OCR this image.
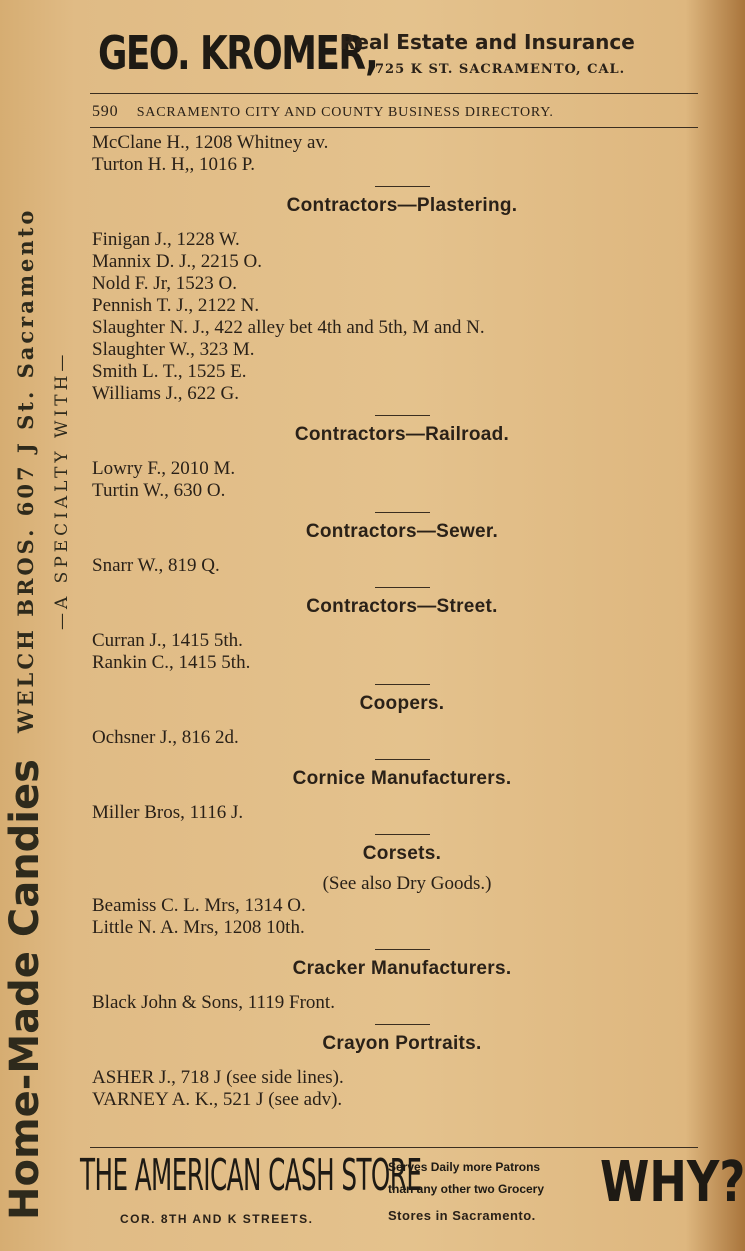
Home-Made Candies
WELCH BROS. 607 J St. Sacramento —A SPECIALTY WITH—
GEO. KROMER,
Real Estate and Insurance
725 K ST. SACRAMENTO, CAL.
590 SACRAMENTO CITY AND COUNTY BUSINESS DIRECTORY.
McClane H., 1208 Whitney av.
Turton H. H,, 1016 P.
Contractors—Plastering.
Finigan J., 1228 W.
Mannix D. J., 2215 O.
Nold F. Jr, 1523 O.
Pennish T. J., 2122 N.
Slaughter N. J., 422 alley bet 4th and 5th, M and N.
Slaughter W., 323 M.
Smith L. T., 1525 E.
Williams J., 622 G.
Contractors—Railroad.
Lowry F., 2010 M.
Turtin W., 630 O.
Contractors—Sewer.
Snarr W., 819 Q.
Contractors—Street.
Curran J., 1415 5th.
Rankin C., 1415 5th.
Coopers.
Ochsner J., 816 2d.
Cornice Manufacturers.
Miller Bros, 1116 J.
Corsets.
(See also Dry Goods.)
Beamiss C. L. Mrs, 1314 O.
Little N. A. Mrs, 1208 10th.
Cracker Manufacturers.
Black John & Sons, 1119 Front.
Crayon Portraits.
ASHER J., 718 J (see side lines).
VARNEY A. K., 521 J (see adv).
THE AMERICAN CASH STORE
Serves Daily more Patrons
than any other two Grocery WHY?
COR. 8TH AND K STREETS.	Stores in Sacramento.
